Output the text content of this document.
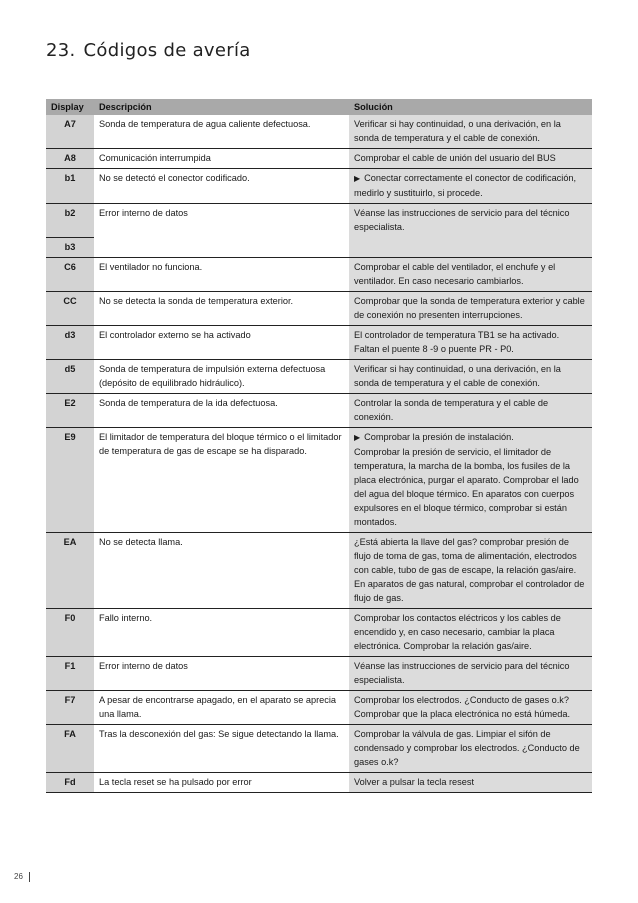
23. Códigos de avería
Display	Descripción	Solución
A7	Sonda de temperatura de agua caliente defectuosa.	Verificar si hay continuidad, o una derivación, en la sonda de temperatura y el cable de conexión.

A8	Comunicación interrumpida	Comprobar el cable de unión del usuario del BUS

b1	No se detectó el conector codificado.	▶ Conectar correctamente el conector de codificación, medirlo y sustituirlo, si procede.

b2	Error interno de datos	Véanse las instrucciones de servicio para del técnico especialista.

b3		

C6	El ventilador no funciona.	Comprobar el cable del ventilador, el enchufe y el ventilador. En caso necesario cambiarlos.

CC	No se detecta la sonda de temperatura exterior.	Comprobar que la sonda de temperatura exterior y cable de conexión no presenten interrupciones.

d3	El controlador externo se ha activado	El controlador de temperatura TB1 se ha activado. Faltan el puente 8 -9 o puente PR - P0.

d5	Sonda de temperatura de impulsión externa defectuosa (depósito de equilibrado hidráulico).	Verificar si hay continuidad, o una derivación, en la sonda de temperatura y el cable de conexión.

E2	Sonda de temperatura de la ida defectuosa.	Controlar la sonda de temperatura y el cable de conexión.

E9	El limitador de temperatura del bloque térmico o el limitador de temperatura de gas de escape se ha disparado.	▶ Comprobar la presión de instalación.
Comprobar la presión de servicio, el limitador de temperatura, la marcha de la bomba, los fusiles de la placa electrónica, purgar el aparato. Comprobar el lado del agua del bloque térmico. En aparatos con cuerpos expulsores en el bloque térmico, comprobar si están montados.

EA	No se detecta llama.	¿Está abierta la llave del gas? comprobar presión de flujo de toma de gas, toma de alimentación, electrodos con cable, tubo de gas de escape, la relación gas/aire. En aparatos de gas natural, comprobar el controlador de flujo de gas.

F0	Fallo interno.	Comprobar los contactos eléctricos y los cables de encendido y, en caso necesario, cambiar la placa electrónica. Comprobar la relación gas/aire.

F1	Error interno de datos	Véanse las instrucciones de servicio para del técnico especialista.

F7	A pesar de encontrarse apagado, en el aparato se aprecia una llama.	Comprobar los electrodos. ¿Conducto de gases o.k? Comprobar que la placa electrónica no está húmeda.

FA	Tras la desconexión del gas: Se sigue detectando la llama.	Comprobar la válvula de gas. Limpiar el sifón de condensado y comprobar los electrodos. ¿Conducto de gases o.k?

Fd	La tecla reset se ha pulsado por error	Volver a pulsar la tecla resest
26
